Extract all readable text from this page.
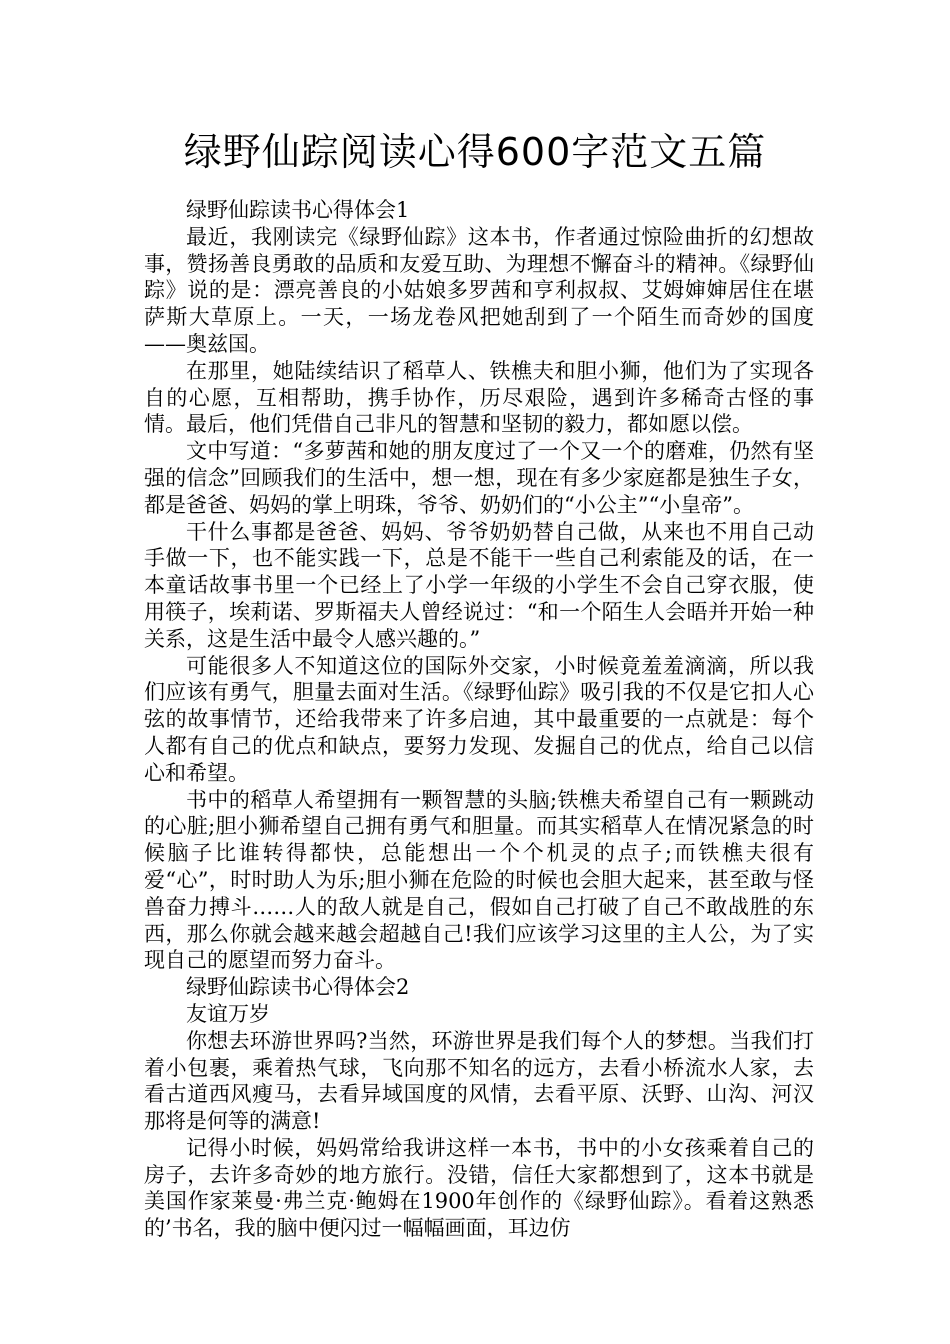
绿野仙踪阅读心得600字范文五篇

绿野仙踪读书心得体会1

最近，我刚读完《绿野仙踪》这本书，作者通过惊险曲折的幻想故事，赞扬善良勇敢的品质和友爱互助、为理想不懈奋斗的精神。《绿野仙踪》说的是：漂亮善良的小姑娘多罗茜和亨利叔叔、艾姆婶婶居住在堪萨斯大草原上。一天，一场龙卷风把她刮到了一个陌生而奇妙的国度——奥兹国。

在那里，她陆续结识了稻草人、铁樵夫和胆小狮，他们为了实现各自的心愿，互相帮助，携手协作，历尽艰险，遇到许多稀奇古怪的事情。最后，他们凭借自己非凡的智慧和坚韧的毅力，都如愿以偿。

文中写道：“多萝茜和她的朋友度过了一个又一个的磨难，仍然有坚强的信念”回顾我们的生活中，想一想，现在有多少家庭都是独生子女，都是爸爸、妈妈的掌上明珠，爷爷、奶奶们的“小公主”“小皇帝”。

干什么事都是爸爸、妈妈、爷爷奶奶替自己做，从来也不用自己动手做一下，也不能实践一下，总是不能干一些自己利索能及的话，在一本童话故事书里一个已经上了小学一年级的小学生不会自己穿衣服，使用筷子，埃莉诺、罗斯福夫人曾经说过：“和一个陌生人会晤并开始一种关系，这是生活中最令人感兴趣的。”

可能很多人不知道这位的国际外交家，小时候竟羞羞滴滴，所以我们应该有勇气，胆量去面对生活。《绿野仙踪》吸引我的不仅是它扣人心弦的故事情节，还给我带来了许多启迪，其中最重要的一点就是：每个人都有自己的优点和缺点，要努力发现、发掘自己的优点，给自己以信心和希望。

书中的稻草人希望拥有一颗智慧的头脑;铁樵夫希望自己有一颗跳动的心脏;胆小狮希望自己拥有勇气和胆量。而其实稻草人在情况紧急的时候脑子比谁转得都快，总能想出一个个机灵的点子;而铁樵夫很有爱“心”，时时助人为乐;胆小狮在危险的时候也会胆大起来，甚至敢与怪兽奋力搏斗……人的敌人就是自己，假如自己打破了自己不敢战胜的东西，那么你就会越来越会超越自己!我们应该学习这里的主人公，为了实现自己的愿望而努力奋斗。

绿野仙踪读书心得体会2

友谊万岁

你想去环游世界吗?当然，环游世界是我们每个人的梦想。当我们打着小包裹，乘着热气球，飞向那不知名的远方，去看小桥流水人家，去看古道西风瘦马，去看异域国度的风情，去看平原、沃野、山沟、河汉那将是何等的满意!

记得小时候，妈妈常给我讲这样一本书，书中的小女孩乘着自己的房子，去许多奇妙的地方旅行。没错，信任大家都想到了，这本书就是美国作家莱曼·弗兰克·鲍姆在1900年创作的《绿野仙踪》。看着这熟悉的’书名，我的脑中便闪过一幅幅画面，耳边仿
